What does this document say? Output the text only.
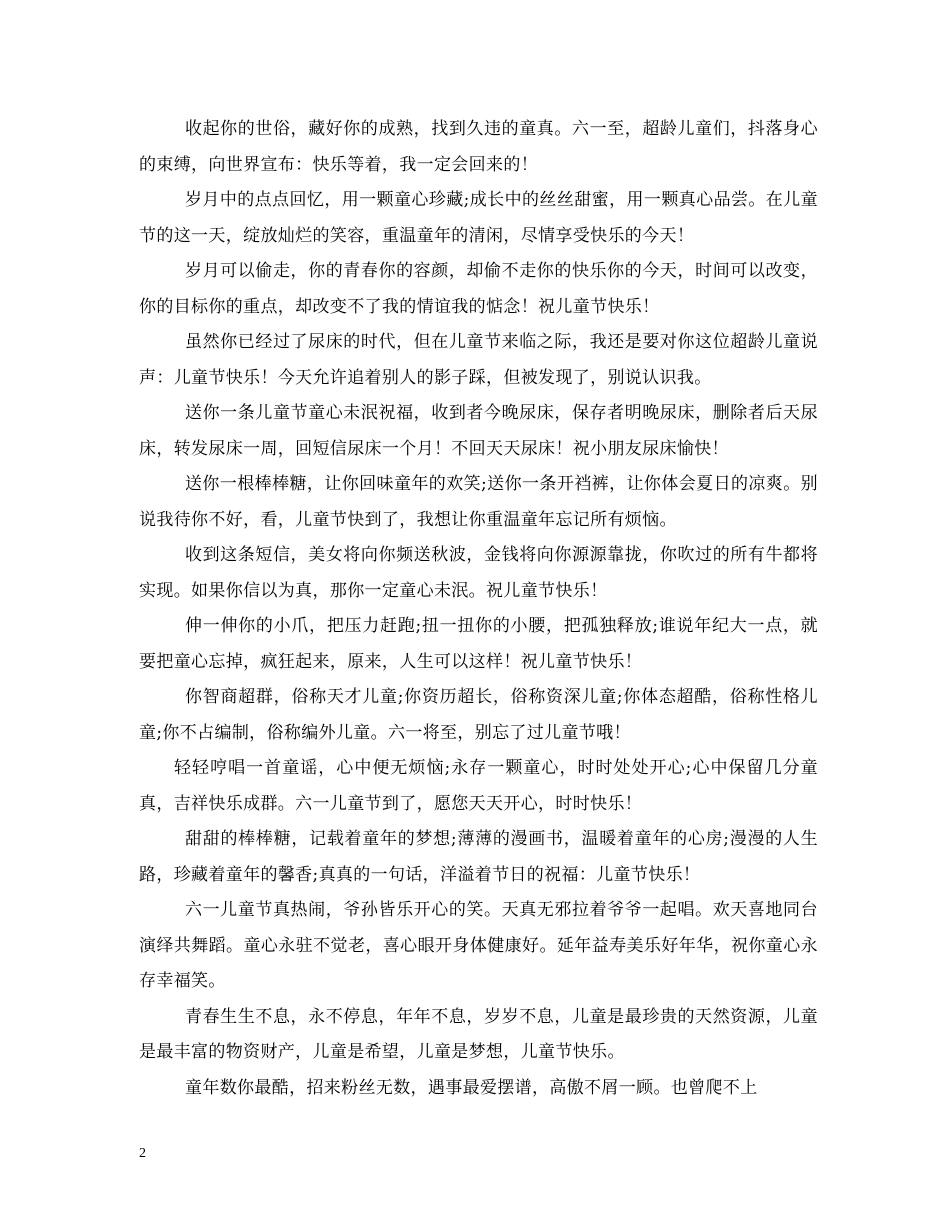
收起你的世俗，藏好你的成熟，找到久违的童真。六一至，超龄儿童们，抖落身心的束缚，向世界宣布：快乐等着，我一定会回来的！

岁月中的点点回忆，用一颗童心珍藏;成长中的丝丝甜蜜，用一颗真心品尝。在儿童节的这一天，绽放灿烂的笑容，重温童年的清闲，尽情享受快乐的今天！

岁月可以偷走，你的青春你的容颜，却偷不走你的快乐你的今天，时间可以改变，你的目标你的重点，却改变不了我的情谊我的惦念！祝儿童节快乐！

虽然你已经过了尿床的时代，但在儿童节来临之际，我还是要对你这位超龄儿童说声：儿童节快乐！今天允许追着别人的影子踩，但被发现了，别说认识我。

送你一条儿童节童心未泯祝福，收到者今晚尿床，保存者明晚尿床，删除者后天尿床，转发尿床一周，回短信尿床一个月！不回天天尿床！祝小朋友尿床愉快！

送你一根棒棒糖，让你回味童年的欢笑;送你一条开裆裤，让你体会夏日的凉爽。别说我待你不好，看，儿童节快到了，我想让你重温童年忘记所有烦恼。

收到这条短信，美女将向你频送秋波，金钱将向你源源靠拢，你吹过的所有牛都将实现。如果你信以为真，那你一定童心未泯。祝儿童节快乐！

伸一伸你的小爪，把压力赶跑;扭一扭你的小腰，把孤独释放;谁说年纪大一点，就要把童心忘掉，疯狂起来，原来，人生可以这样！祝儿童节快乐！

你智商超群，俗称天才儿童;你资历超长，俗称资深儿童;你体态超酷，俗称性格儿童;你不占编制，俗称编外儿童。六一将至，别忘了过儿童节哦！

轻轻哼唱一首童谣，心中便无烦恼;永存一颗童心，时时处处开心;心中保留几分童真，吉祥快乐成群。六一儿童节到了，愿您天天开心，时时快乐！

甜甜的棒棒糖，记载着童年的梦想;薄薄的漫画书，温暖着童年的心房;漫漫的人生路，珍藏着童年的馨香;真真的一句话，洋溢着节日的祝福：儿童节快乐！

六一儿童节真热闹，爷孙皆乐开心的笑。天真无邪拉着爷爷一起唱。欢天喜地同台演绎共舞蹈。童心永驻不觉老，喜心眼开身体健康好。延年益寿美乐好年华，祝你童心永存幸福笑。

青春生生不息，永不停息，年年不息，岁岁不息，儿童是最珍贵的天然资源，儿童是最丰富的物资财产，儿童是希望，儿童是梦想，儿童节快乐。

童年数你最酷，招来粉丝无数，遇事最爱摆谱，高傲不屑一顾。也曾爬不上

2
